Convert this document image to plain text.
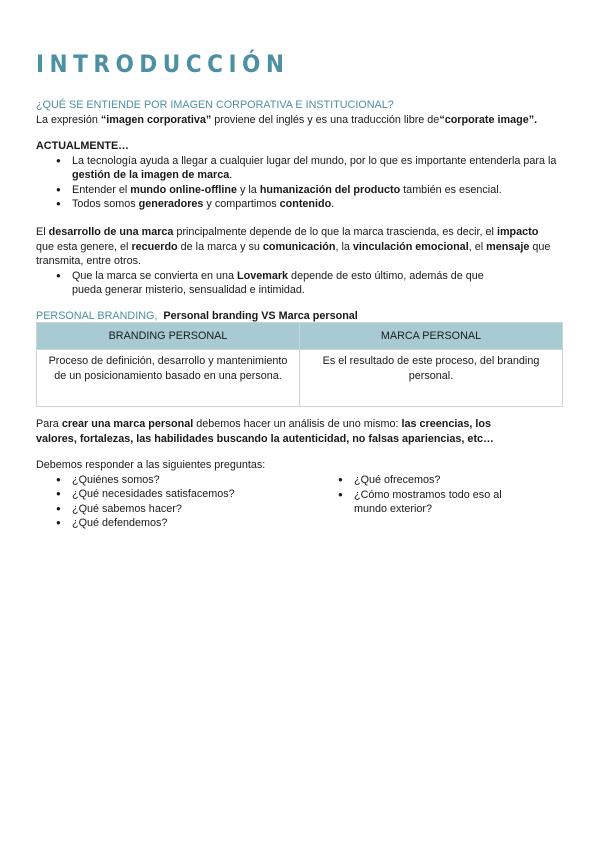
INTRODUCCIÓN
¿QUÉ SE ENTIENDE POR IMAGEN CORPORATIVA E INSTITUCIONAL?
La expresión “imagen corporativa” proviene del inglés y es una traducción libre de“corporate image”.
ACTUALMENTE…
● La tecnología ayuda a llegar a cualquier lugar del mundo, por lo que es importante entenderla para la gestión de la imagen de marca.
● Entender el mundo online-offline y la humanización del producto también es esencial.
● Todos somos generadores y compartimos contenido.
El desarrollo de una marca principalmente depende de lo que la marca trascienda, es decir, el impacto que esta genere, el recuerdo de la marca y su comunicación, la vinculación emocional, el mensaje que transmita, entre otros.
● Que la marca se convierta en una Lovemark depende de esto último, además de que pueda generar misterio, sensualidad e intimidad.
PERSONAL BRANDING,  Personal branding VS Marca personal
BRANDING PERSONAL	MARCA PERSONAL
Proceso de definición, desarrollo y mantenimiento de un posicionamiento basado en una persona.	Es el resultado de este proceso, del branding personal.
Para crear una marca personal debemos hacer un análisis de uno mismo: las creencias, los valores, fortalezas, las habilidades buscando la autenticidad, no falsas apariencias, etc…
Debemos responder a las siguientes preguntas:
● ¿Quiénes somos?
● ¿Qué necesidades satisfacemos?
● ¿Qué sabemos hacer?
● ¿Qué defendemos?
● ¿Qué ofrecemos?
● ¿Cómo mostramos todo eso al mundo exterior?
